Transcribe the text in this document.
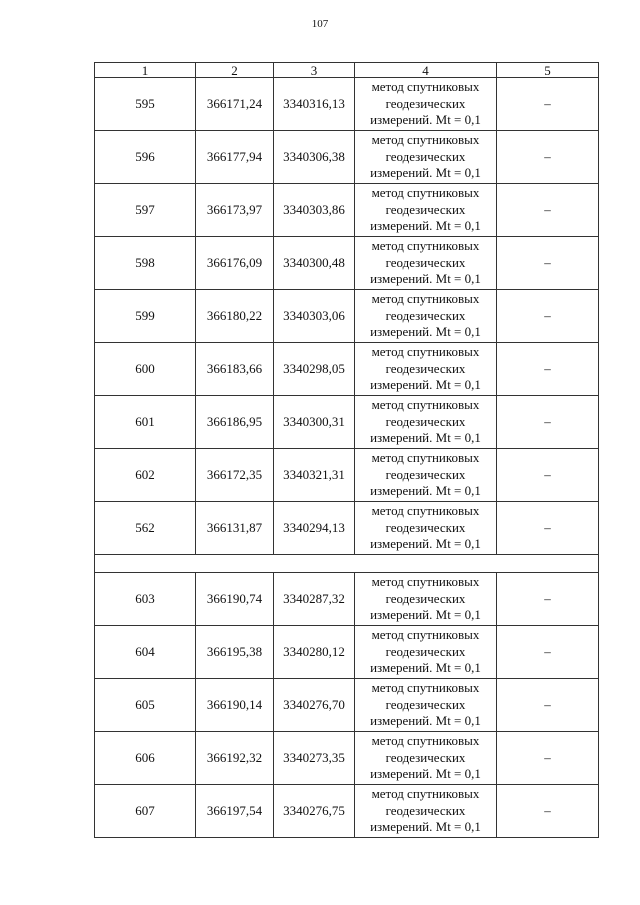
107
1	2	3	4	5
595	366171,24	3340316,13	метод спутниковых
геодезических
измерений. Mt = 0,1	–
596	366177,94	3340306,38	метод спутниковых
геодезических
измерений. Mt = 0,1	–
597	366173,97	3340303,86	метод спутниковых
геодезических
измерений. Mt = 0,1	–
598	366176,09	3340300,48	метод спутниковых
геодезических
измерений. Mt = 0,1	–
599	366180,22	3340303,06	метод спутниковых
геодезических
измерений. Mt = 0,1	–
600	366183,66	3340298,05	метод спутниковых
геодезических
измерений. Mt = 0,1	–
601	366186,95	3340300,31	метод спутниковых
геодезических
измерений. Mt = 0,1	–
602	366172,35	3340321,31	метод спутниковых
геодезических
измерений. Mt = 0,1	–
562	366131,87	3340294,13	метод спутниковых
геодезических
измерений. Mt = 0,1	–

603	366190,74	3340287,32	метод спутниковых
геодезических
измерений. Mt = 0,1	–
604	366195,38	3340280,12	метод спутниковых
геодезических
измерений. Mt = 0,1	–
605	366190,14	3340276,70	метод спутниковых
геодезических
измерений. Mt = 0,1	–
606	366192,32	3340273,35	метод спутниковых
геодезических
измерений. Mt = 0,1	–
607	366197,54	3340276,75	метод спутниковых
геодезических
измерений. Mt = 0,1	–
